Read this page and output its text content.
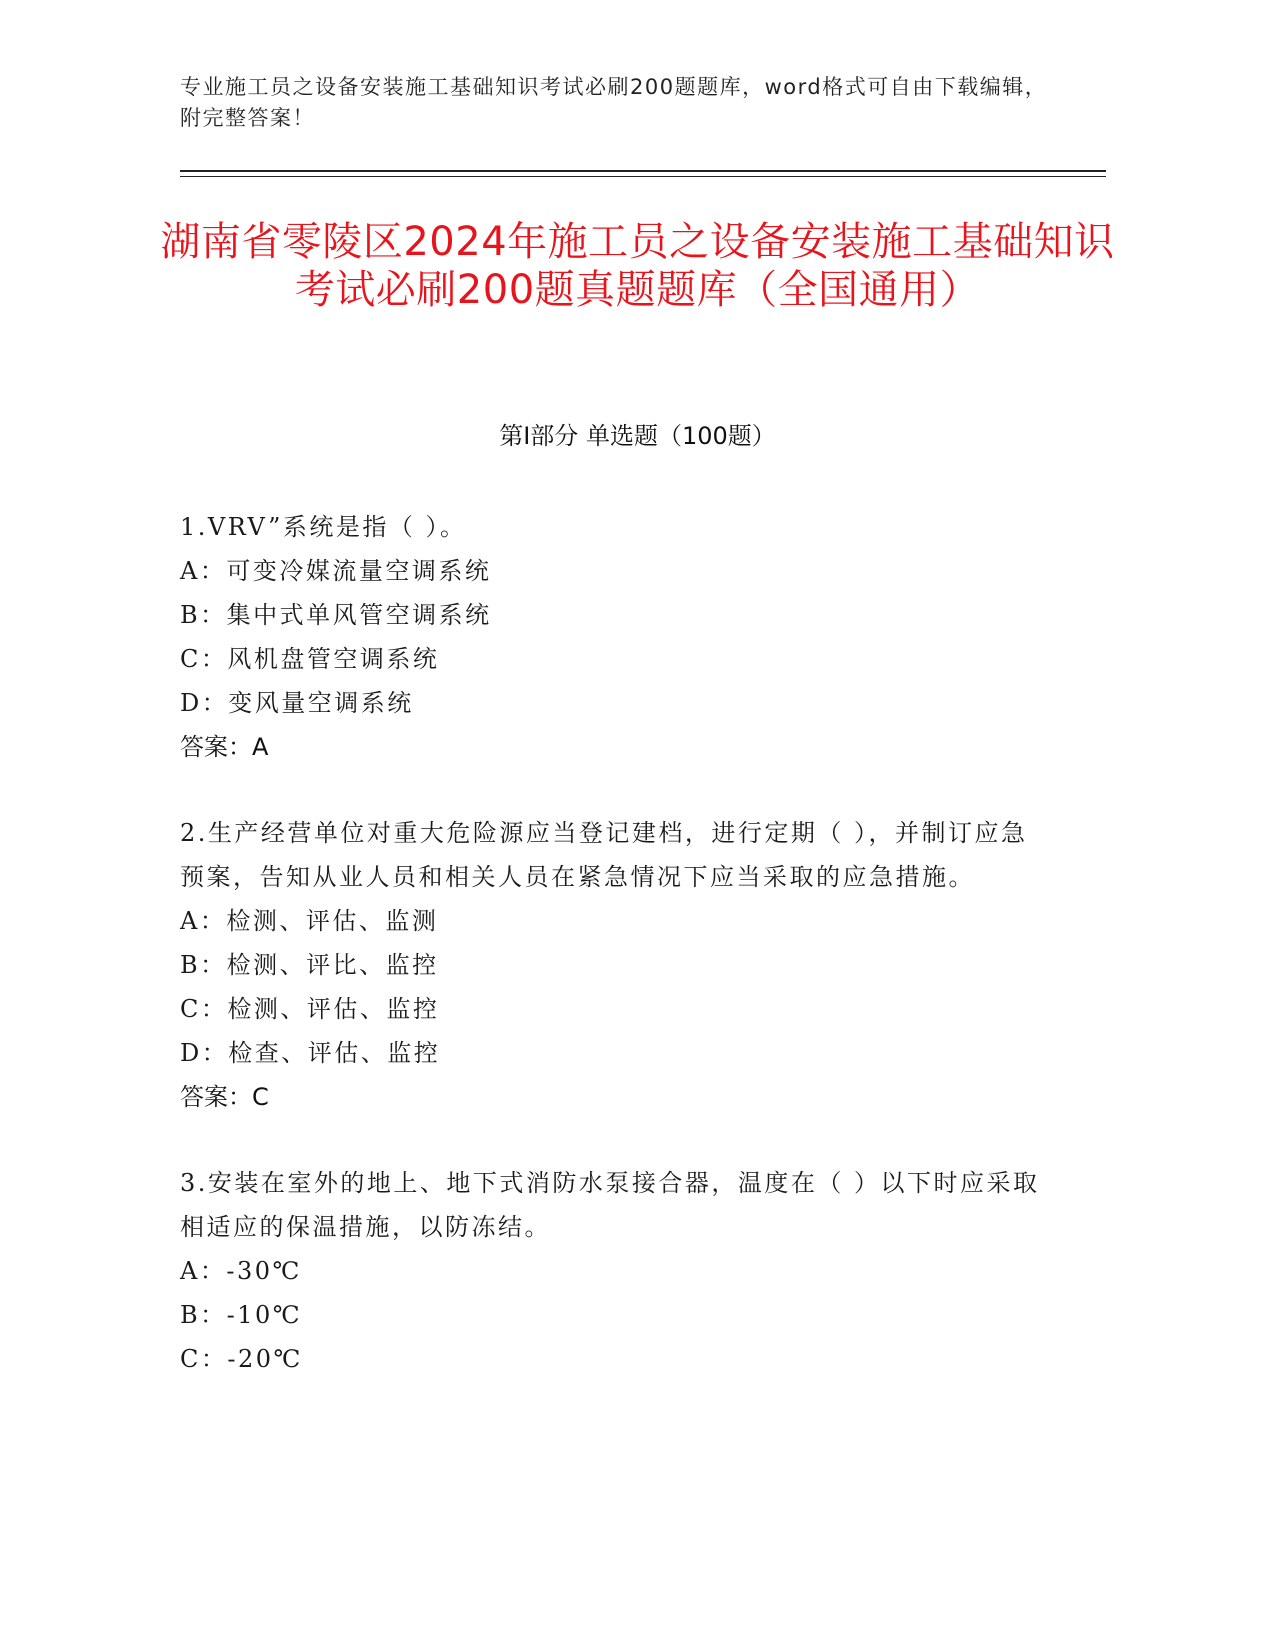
专业施工员之设备安装施工基础知识考试必刷200题题库，word格式可自由下载编辑，附完整答案！
湖南省零陵区2024年施工员之设备安装施工基础知识考试必刷200题真题题库（全国通用）
第Ⅰ部分 单选题（100题）
1.VRV”系统是指（ ）。
A：可变冷媒流量空调系统
B：集中式单风管空调系统
C：风机盘管空调系统
D：变风量空调系统
答案：A
2.生产经营单位对重大危险源应当登记建档，进行定期（ ），并制订应急预案，告知从业人员和相关人员在紧急情况下应当采取的应急措施。
A：检测、评估、监测
B：检测、评比、监控
C：检测、评估、监控
D：检查、评估、监控
答案：C
3.安装在室外的地上、地下式消防水泵接合器，温度在（ ）以下时应采取相适应的保温措施，以防冻结。
A：-30℃
B：-10℃
C：-20℃
